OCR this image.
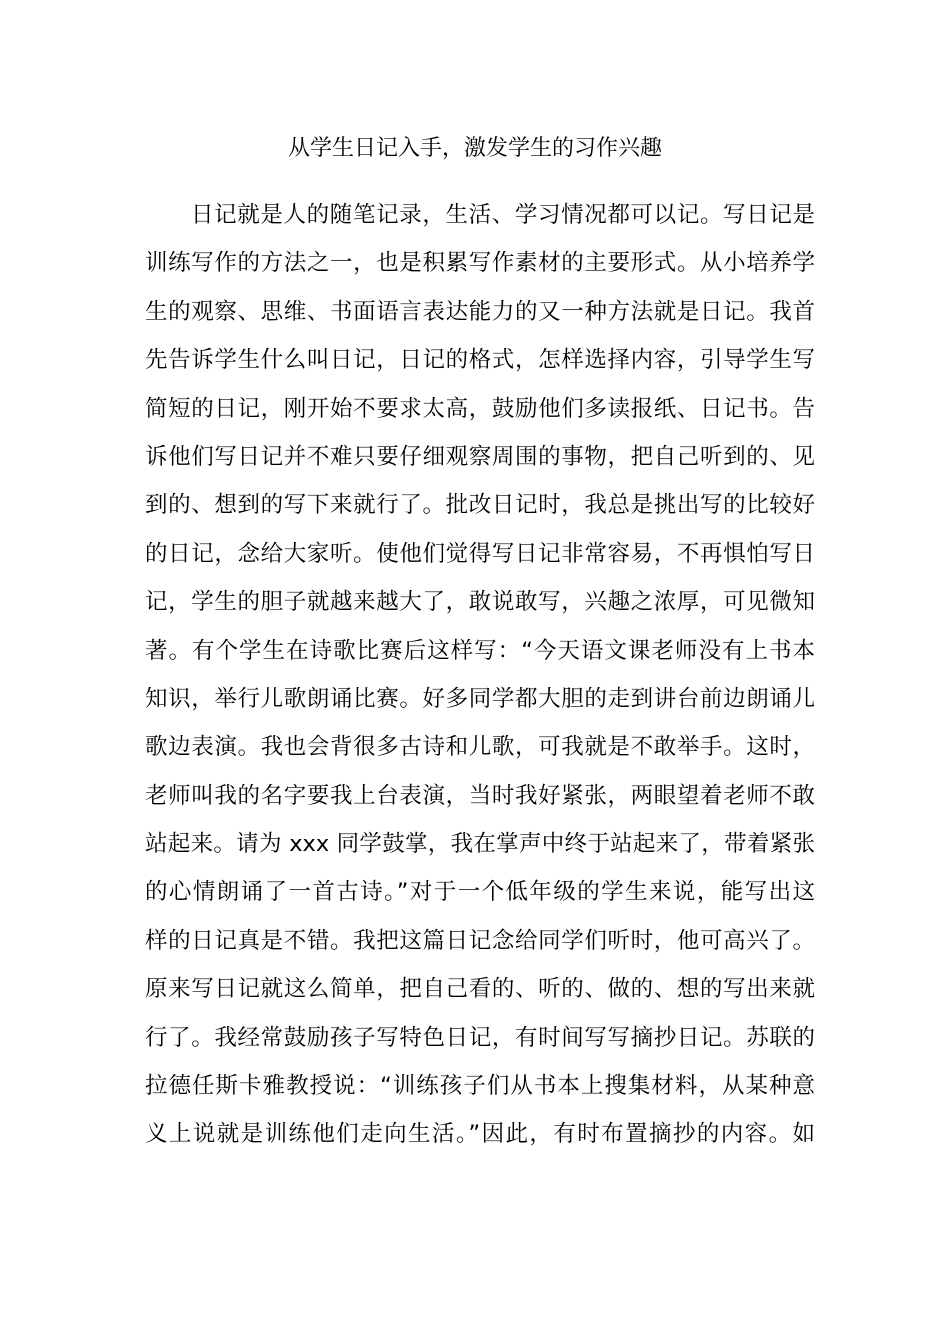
从学生日记入手，激发学生的习作兴趣
日记就是人的随笔记录，生活、学习情况都可以记。写日记是
训练写作的方法之一，也是积累写作素材的主要形式。从小培养学
生的观察、思维、书面语言表达能力的又一种方法就是日记。我首
先告诉学生什么叫日记，日记的格式，怎样选择内容，引导学生写
简短的日记，刚开始不要求太高，鼓励他们多读报纸、日记书。告
诉他们写日记并不难只要仔细观察周围的事物，把自己听到的、见
到的、想到的写下来就行了。批改日记时，我总是挑出写的比较好
的日记，念给大家听。使他们觉得写日记非常容易，不再惧怕写日
记，学生的胆子就越来越大了，敢说敢写，兴趣之浓厚，可见微知
著。有个学生在诗歌比赛后这样写：“今天语文课老师没有上书本
知识，举行儿歌朗诵比赛。好多同学都大胆的走到讲台前边朗诵儿
歌边表演。我也会背很多古诗和儿歌，可我就是不敢举手。这时，
老师叫我的名字要我上台表演，当时我好紧张，两眼望着老师不敢
站起来。请为 xxx 同学鼓掌，我在掌声中终于站起来了，带着紧张
的心情朗诵了一首古诗。”对于一个低年级的学生来说，能写出这
样的日记真是不错。我把这篇日记念给同学们听时，他可高兴了。
原来写日记就这么简单，把自己看的、听的、做的、想的写出来就
行了。我经常鼓励孩子写特色日记，有时间写写摘抄日记。苏联的
拉德任斯卡雅教授说：“训练孩子们从书本上搜集材料，从某种意
义上说就是训练他们走向生活。”因此，有时布置摘抄的内容。如
